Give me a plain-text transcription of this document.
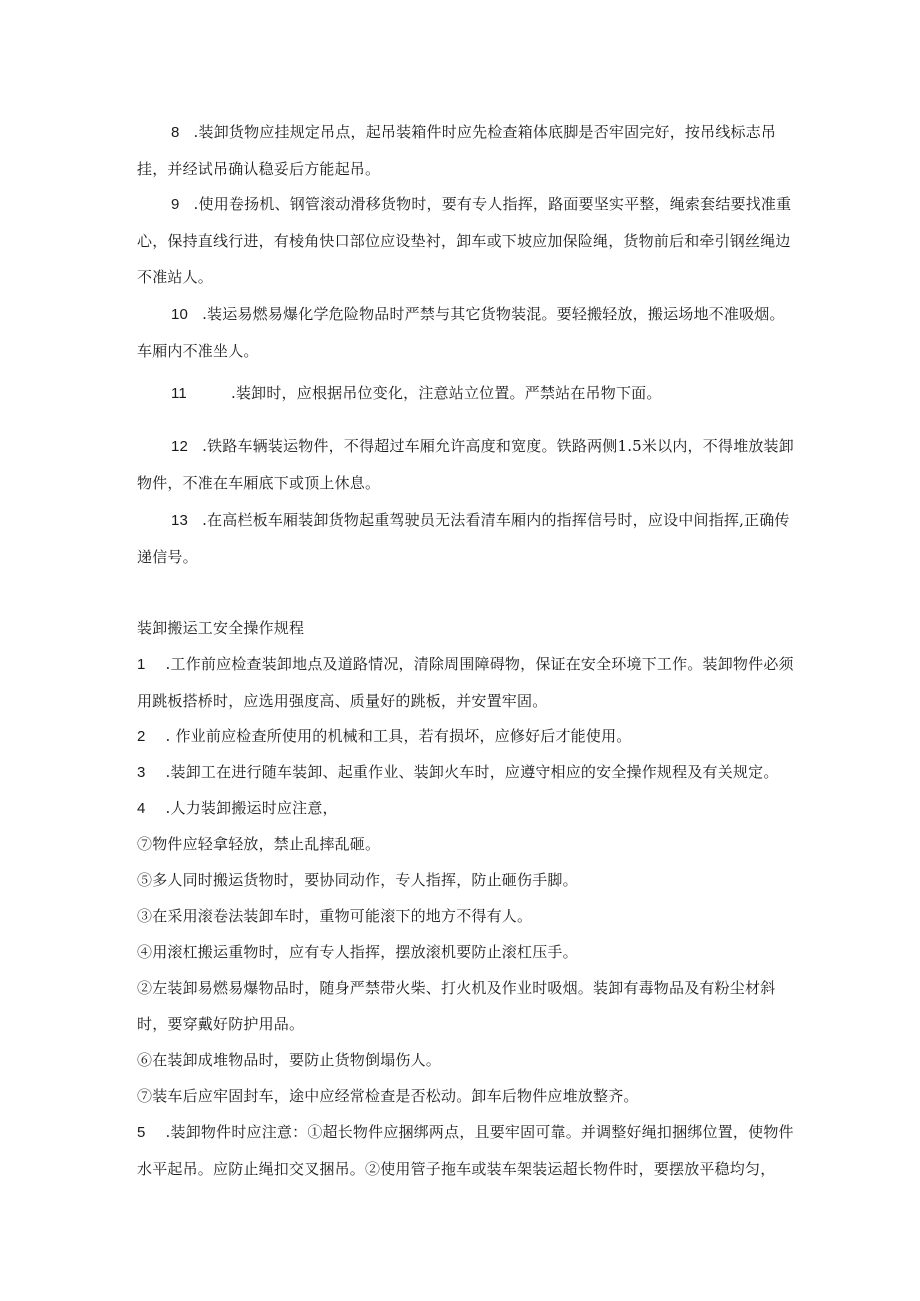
8 .装卸货物应挂规定吊点，起吊装箱件时应先检查箱体底脚是否牢固完好，按吊线标志吊挂，并经试吊确认稳妥后方能起吊。
9 .使用卷扬机、钢管滚动滑移货物时，要有专人指挥，路面要坚实平整，绳索套结要找准重心，保持直线行进，有棱角快口部位应设垫衬，卸车或下坡应加保险绳，货物前后和牵引钢丝绳边不准站人。
10 .装运易燃易爆化学危险物品时严禁与其它货物装混。要轻搬轻放，搬运场地不准吸烟。车厢内不准坐人。
11	.装卸时，应根据吊位变化，注意站立位置。严禁站在吊物下面。
12 .铁路车辆装运物件，不得超过车厢允许高度和宽度。铁路两侧1.5米以内，不得堆放装卸物件，不准在车厢底下或顶上休息。
13 .在高栏板车厢装卸货物起重驾驶员无法看清车厢内的指挥信号时，应设中间指挥,正确传递信号。
装卸搬运工安全操作规程
1 .工作前应检查装卸地点及道路情况，清除周围障碍物，保证在安全环境下工作。装卸物件必须用跳板搭桥时，应选用强度高、质量好的跳板，并安置牢固。
2 . 作业前应检查所使用的机械和工具，若有损坏，应修好后才能使用。
3 .装卸工在进行随车装卸、起重作业、装卸火车时，应遵守相应的安全操作规程及有关规定。
4 .人力装卸搬运时应注意，
⑦物件应轻拿轻放，禁止乱摔乱砸。
⑤多人同时搬运货物时，要协同动作，专人指挥，防止砸伤手脚。
③在采用滚卷法装卸车时，重物可能滚下的地方不得有人。
④用滚杠搬运重物时，应有专人指挥，摆放滚机要防止滚杠压手。
②左装卸易燃易爆物品时，随身严禁带火柴、打火机及作业时吸烟。装卸有毒物品及有粉尘材斜时，要穿戴好防护用品。
⑥在装卸成堆物品时，要防止货物倒塌伤人。
⑦装车后应牢固封车，途中应经常检查是否松动。卸车后物件应堆放整齐。
5 .装卸物件时应注意：①超长物件应捆绑两点，且要牢固可靠。并调整好绳扣捆绑位置，使物件水平起吊。应防止绳扣交叉捆吊。②使用管子拖车或装车架装运超长物件时，要摆放平稳均匀，
